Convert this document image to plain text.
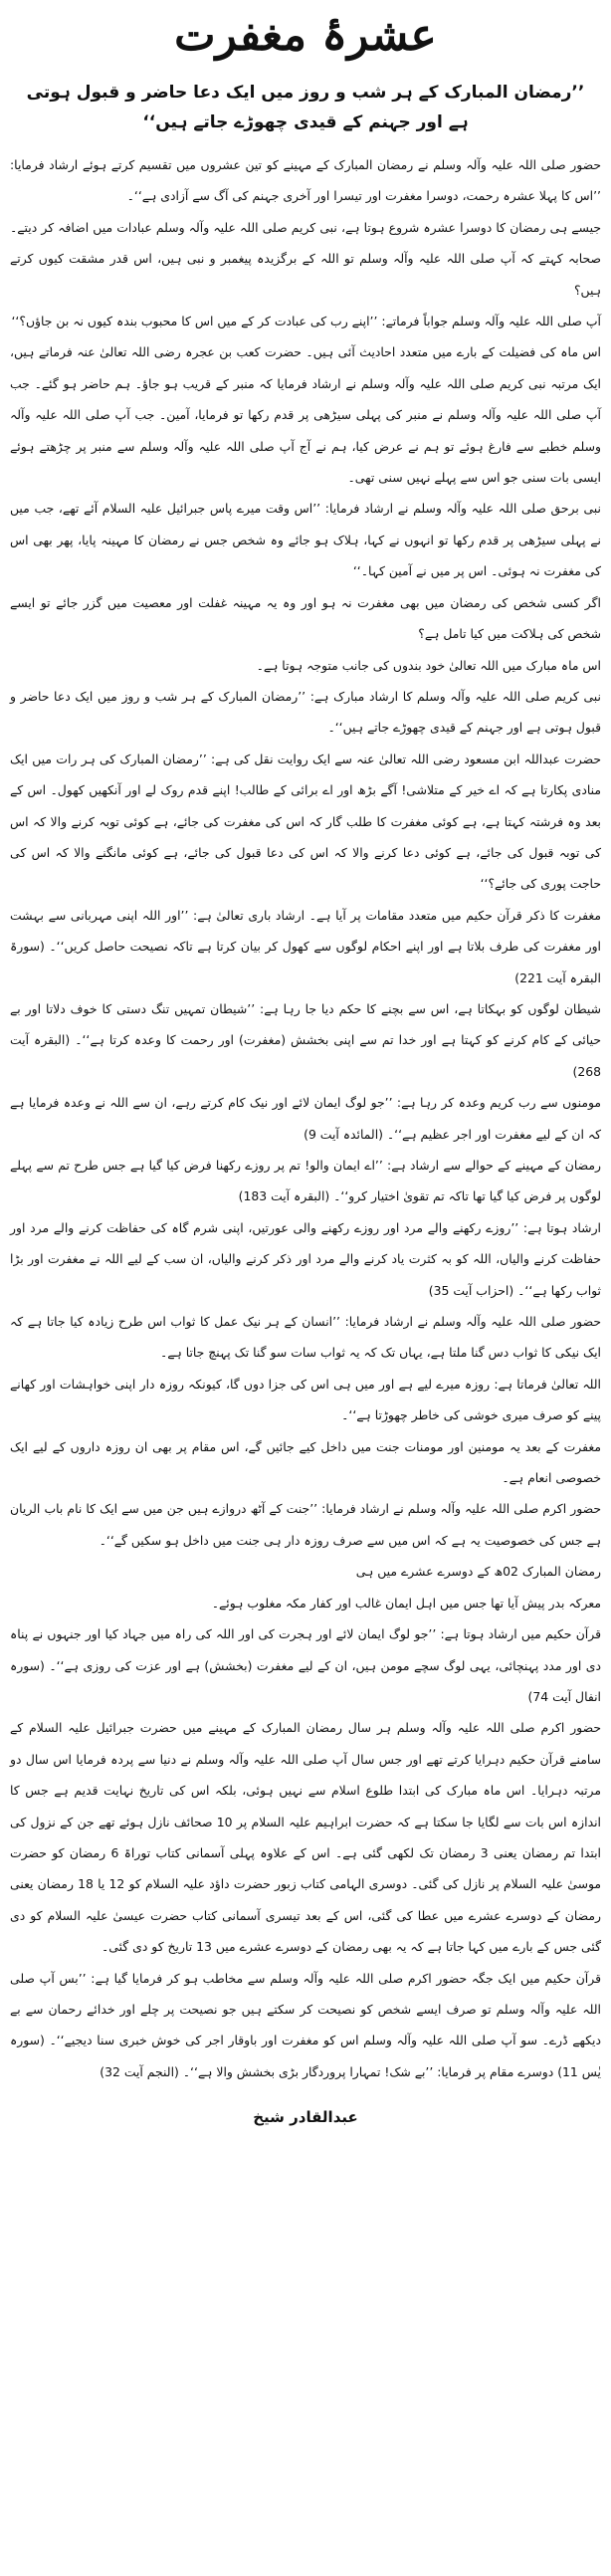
عشرۂ مغفرت
’’رمضان المبارک کے ہر شب و روز میں ایک دعا حاضر و قبول ہوتی ہے اور جہنم کے قیدی چھوڑے جاتے ہیں‘‘

حضور صلی اللہ علیہ وآلہ وسلم نے رمضان المبارک کے مہینے کو تین عشروں میں تقسیم کرتے ہوئے ارشاد فرمایا: ’’اس کا پہلا عشرہ رحمت، دوسرا مغفرت اور تیسرا اور آخری جہنم کی آگ سے آزادی ہے‘‘۔

جیسے ہی رمضان کا دوسرا عشرہ شروع ہوتا ہے، نبی کریم صلی اللہ علیہ وآلہ وسلم عبادات میں اضافہ کر دیتے۔ صحابہ کہتے کہ آپ صلی اللہ علیہ وآلہ وسلم تو اللہ کے برگزیدہ پیغمبر و نبی ہیں، اس قدر مشقت کیوں کرتے ہیں؟

آپ صلی اللہ علیہ وآلہ وسلم جواباً فرماتے: ’’اپنے رب کی عبادت کر کے میں اس کا محبوب بندہ کیوں نہ بن جاؤں؟‘‘

اس ماہ کی فضیلت کے بارے میں متعدد احادیث آئی ہیں۔ حضرت کعب بن عجرہ رضی اللہ تعالیٰ عنہ فرماتے ہیں، ایک مرتبہ نبی کریم صلی اللہ علیہ وآلہ وسلم نے ارشاد فرمایا کہ منبر کے قریب ہو جاؤ۔ ہم حاضر ہو گئے۔ جب آپ صلی اللہ علیہ وآلہ وسلم نے منبر کی پہلی سیڑھی پر قدم رکھا تو فرمایا، آمین۔ جب آپ صلی اللہ علیہ وآلہ وسلم خطبے سے فارغ ہوئے تو ہم نے عرض کیا، ہم نے آج آپ صلی اللہ علیہ وآلہ وسلم سے منبر پر چڑھتے ہوئے ایسی بات سنی جو اس سے پہلے نہیں سنی تھی۔

نبی برحق صلی اللہ علیہ وآلہ وسلم نے ارشاد فرمایا: ’’اس وقت میرے پاس جبرائیل علیہ السلام آئے تھے، جب میں نے پہلی سیڑھی پر قدم رکھا تو انہوں نے کہا، ہلاک ہو جائے وہ شخص جس نے رمضان کا مہینہ پایا، پھر بھی اس کی مغفرت نہ ہوئی۔ اس پر میں نے آمین کہا۔‘‘

اگر کسی شخص کی رمضان میں بھی مغفرت نہ ہو اور وہ یہ مہینہ غفلت اور معصیت میں گزر جائے تو ایسے شخص کی ہلاکت میں کیا تامل ہے؟

اس ماہ مبارک میں اللہ تعالیٰ خود بندوں کی جانب متوجہ ہوتا ہے۔

نبی کریم صلی اللہ علیہ وآلہ وسلم کا ارشاد مبارک ہے: ’’رمضان المبارک کے ہر شب و روز میں ایک دعا حاضر و قبول ہوتی ہے اور جہنم کے قیدی چھوڑے جاتے ہیں‘‘۔

حضرت عبداللہ ابن مسعود رضی اللہ تعالیٰ عنہ سے ایک روایت نقل کی ہے: ’’رمضان المبارک کی ہر رات میں ایک منادی پکارتا ہے کہ اے خیر کے متلاشی! آگے بڑھ اور اے برائی کے طالب! اپنے قدم روک لے اور آنکھیں کھول۔ اس کے بعد وہ فرشتہ کہتا ہے، ہے کوئی مغفرت کا طلب گار کہ اس کی مغفرت کی جائے، ہے کوئی توبہ کرنے والا کہ اس کی توبہ قبول کی جائے، ہے کوئی دعا کرنے والا کہ اس کی دعا قبول کی جائے، ہے کوئی مانگنے والا کہ اس کی حاجت پوری کی جائے؟‘‘

مغفرت کا ذکر قرآن حکیم میں متعدد مقامات پر آیا ہے۔ ارشاد باری تعالیٰ ہے: ’’اور اللہ اپنی مہربانی سے بہشت اور مغفرت کی طرف بلاتا ہے اور اپنے احکام لوگوں سے کھول کر بیان کرتا ہے تاکہ نصیحت حاصل کریں‘‘۔ (سورۃ البقرہ آیت 221)

شیطان لوگوں کو بہکاتا ہے، اس سے بچنے کا حکم دیا جا رہا ہے: ’’شیطان تمہیں تنگ دستی کا خوف دلاتا اور بے حیائی کے کام کرنے کو کہتا ہے اور خدا تم سے اپنی بخشش (مغفرت) اور رحمت کا وعدہ کرتا ہے‘‘۔ (البقرہ آیت 268)

مومنوں سے رب کریم وعدہ کر رہا ہے: ’’جو لوگ ایمان لائے اور نیک کام کرتے رہے، ان سے اللہ نے وعدہ فرمایا ہے کہ ان کے لیے مغفرت اور اجر عظیم ہے‘‘۔ (المائدہ آیت 9)

رمضان کے مہینے کے حوالے سے ارشاد ہے: ’’اے ایمان والو! تم پر روزے رکھنا فرض کیا گیا ہے جس طرح تم سے پہلے لوگوں پر فرض کیا گیا تھا تاکہ تم تقویٰ اختیار کرو‘‘۔ (البقرہ آیت 183)

ارشاد ہوتا ہے: ’’روزے رکھنے والے مرد اور روزے رکھنے والی عورتیں، اپنی شرم گاہ کی حفاظت کرنے والے مرد اور حفاظت کرنے والیاں، اللہ کو بہ کثرت یاد کرنے والے مرد اور ذکر کرنے والیاں، ان سب کے لیے اللہ نے مغفرت اور بڑا ثواب رکھا ہے‘‘۔ (احزاب آیت 35)

حضور صلی اللہ علیہ وآلہ وسلم نے ارشاد فرمایا: ’’انسان کے ہر نیک عمل کا ثواب اس طرح زیادہ کیا جاتا ہے کہ ایک نیکی کا ثواب دس گنا ملتا ہے، یہاں تک کہ یہ ثواب سات سو گنا تک پہنچ جاتا ہے۔

اللہ تعالیٰ فرماتا ہے: روزہ میرے لیے ہے اور میں ہی اس کی جزا دوں گا، کیونکہ روزہ دار اپنی خواہشات اور کھانے پینے کو صرف میری خوشی کی خاطر چھوڑتا ہے‘‘۔

مغفرت کے بعد یہ مومنین اور مومنات جنت میں داخل کیے جائیں گے، اس مقام پر بھی ان روزہ داروں کے لیے ایک خصوصی انعام ہے۔

حضور اکرم صلی اللہ علیہ وآلہ وسلم نے ارشاد فرمایا: ’’جنت کے آٹھ دروازے ہیں جن میں سے ایک کا نام باب الریان ہے جس کی خصوصیت یہ ہے کہ اس میں سے صرف روزہ دار ہی جنت میں داخل ہو سکیں گے‘‘۔

رمضان المبارک 02ھ کے دوسرے عشرے میں ہی

معرکہ بدر پیش آیا تھا جس میں اہل ایمان غالب اور کفار مکہ مغلوب ہوئے۔

قرآن حکیم میں ارشاد ہوتا ہے: ’’جو لوگ ایمان لائے اور ہجرت کی اور اللہ کی راہ میں جہاد کیا اور جنہوں نے پناہ دی اور مدد پہنچائی، یہی لوگ سچے مومن ہیں، ان کے لیے مغفرت (بخشش) ہے اور عزت کی روزی ہے‘‘۔ (سورہ انفال آیت 74)

حضور اکرم صلی اللہ علیہ وآلہ وسلم ہر سال رمضان المبارک کے مہینے میں حضرت جبرائیل علیہ السلام کے سامنے قرآن حکیم دہرایا کرتے تھے اور جس سال آپ صلی اللہ علیہ وآلہ وسلم نے دنیا سے پردہ فرمایا اس سال دو مرتبہ دہرایا۔ اس ماہ مبارک کی ابتدا طلوع اسلام سے نہیں ہوئی، بلکہ اس کی تاریخ نہایت قدیم ہے جس کا اندازہ اس بات سے لگایا جا سکتا ہے کہ حضرت ابراہیم علیہ السلام پر 10 صحائف نازل ہوئے تھے جن کے نزول کی ابتدا تم رمضان یعنی 3 رمضان تک لکھی گئی ہے۔ اس کے علاوہ پہلی آسمانی کتاب توراۃ 6 رمضان کو حضرت موسیٰ علیہ السلام پر نازل کی گئی۔ دوسری الہامی کتاب زبور حضرت داؤد علیہ السلام کو 12 یا 18 رمضان یعنی رمضان کے دوسرے عشرے میں عطا کی گئی، اس کے بعد تیسری آسمانی کتاب حضرت عیسیٰ علیہ السلام کو دی گئی جس کے بارے میں کہا جاتا ہے کہ یہ بھی رمضان کے دوسرے عشرے میں 13 تاریخ کو دی گئی۔

قرآن حکیم میں ایک جگہ حضور اکرم صلی اللہ علیہ وآلہ وسلم سے مخاطب ہو کر فرمایا گیا ہے: ’’بس آپ صلی اللہ علیہ وآلہ وسلم تو صرف ایسے شخص کو نصیحت کر سکتے ہیں جو نصیحت پر چلے اور خدائے رحمان سے بے دیکھے ڈرے۔ سو آپ صلی اللہ علیہ وآلہ وسلم اس کو مغفرت اور باوقار اجر کی خوش خبری سنا دیجیے‘‘۔ (سورہ یٰس 11) دوسرے مقام پر فرمایا: ’’بے شک! تمہارا پروردگار بڑی بخشش والا ہے‘‘۔ (النجم آیت 32)

عبدالقادر شیخ
